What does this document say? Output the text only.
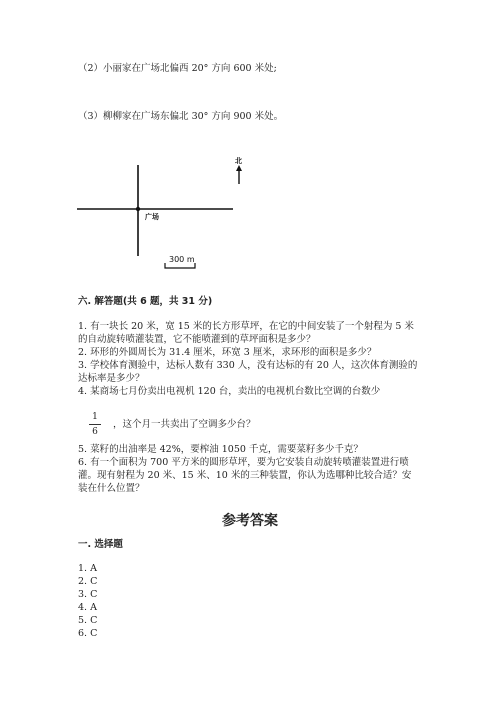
（2）小丽家在广场北偏西 20° 方向 600 米处;
（3）柳柳家在广场东偏北 30° 方向 900 米处。
广场
北
300 m
六. 解答题(共 6 题，共 31 分)
1. 有一块长 20 米，宽 15 米的长方形草坪，在它的中间安装了一个射程为 5 米
的自动旋转喷灌装置，它不能喷灌到的草坪面积是多少？
2. 环形的外圆周长为 31.4 厘米，环宽 3 厘米，求环形的面积是多少？
3. 学校体育测验中，达标人数有 330 人，没有达标的有 20 人，这次体育测验的
达标率是多少？
4. 某商场七月份卖出电视机 120 台，卖出的电视机台数比空调的台数少
1
6
，这个月一共卖出了空调多少台？
5. 菜籽的出油率是 42%，要榨油 1050 千克，需要菜籽多少千克？
6. 有一个面积为 700 平方米的圆形草坪，要为它安装自动旋转喷灌装置进行喷
灌。现有射程为 20 米、15 米、10 米的三种装置，你认为选哪种比较合适？安
装在什么位置？
参考答案
一. 选择题
1. A
2. C
3. C
4. A
5. C
6. C
